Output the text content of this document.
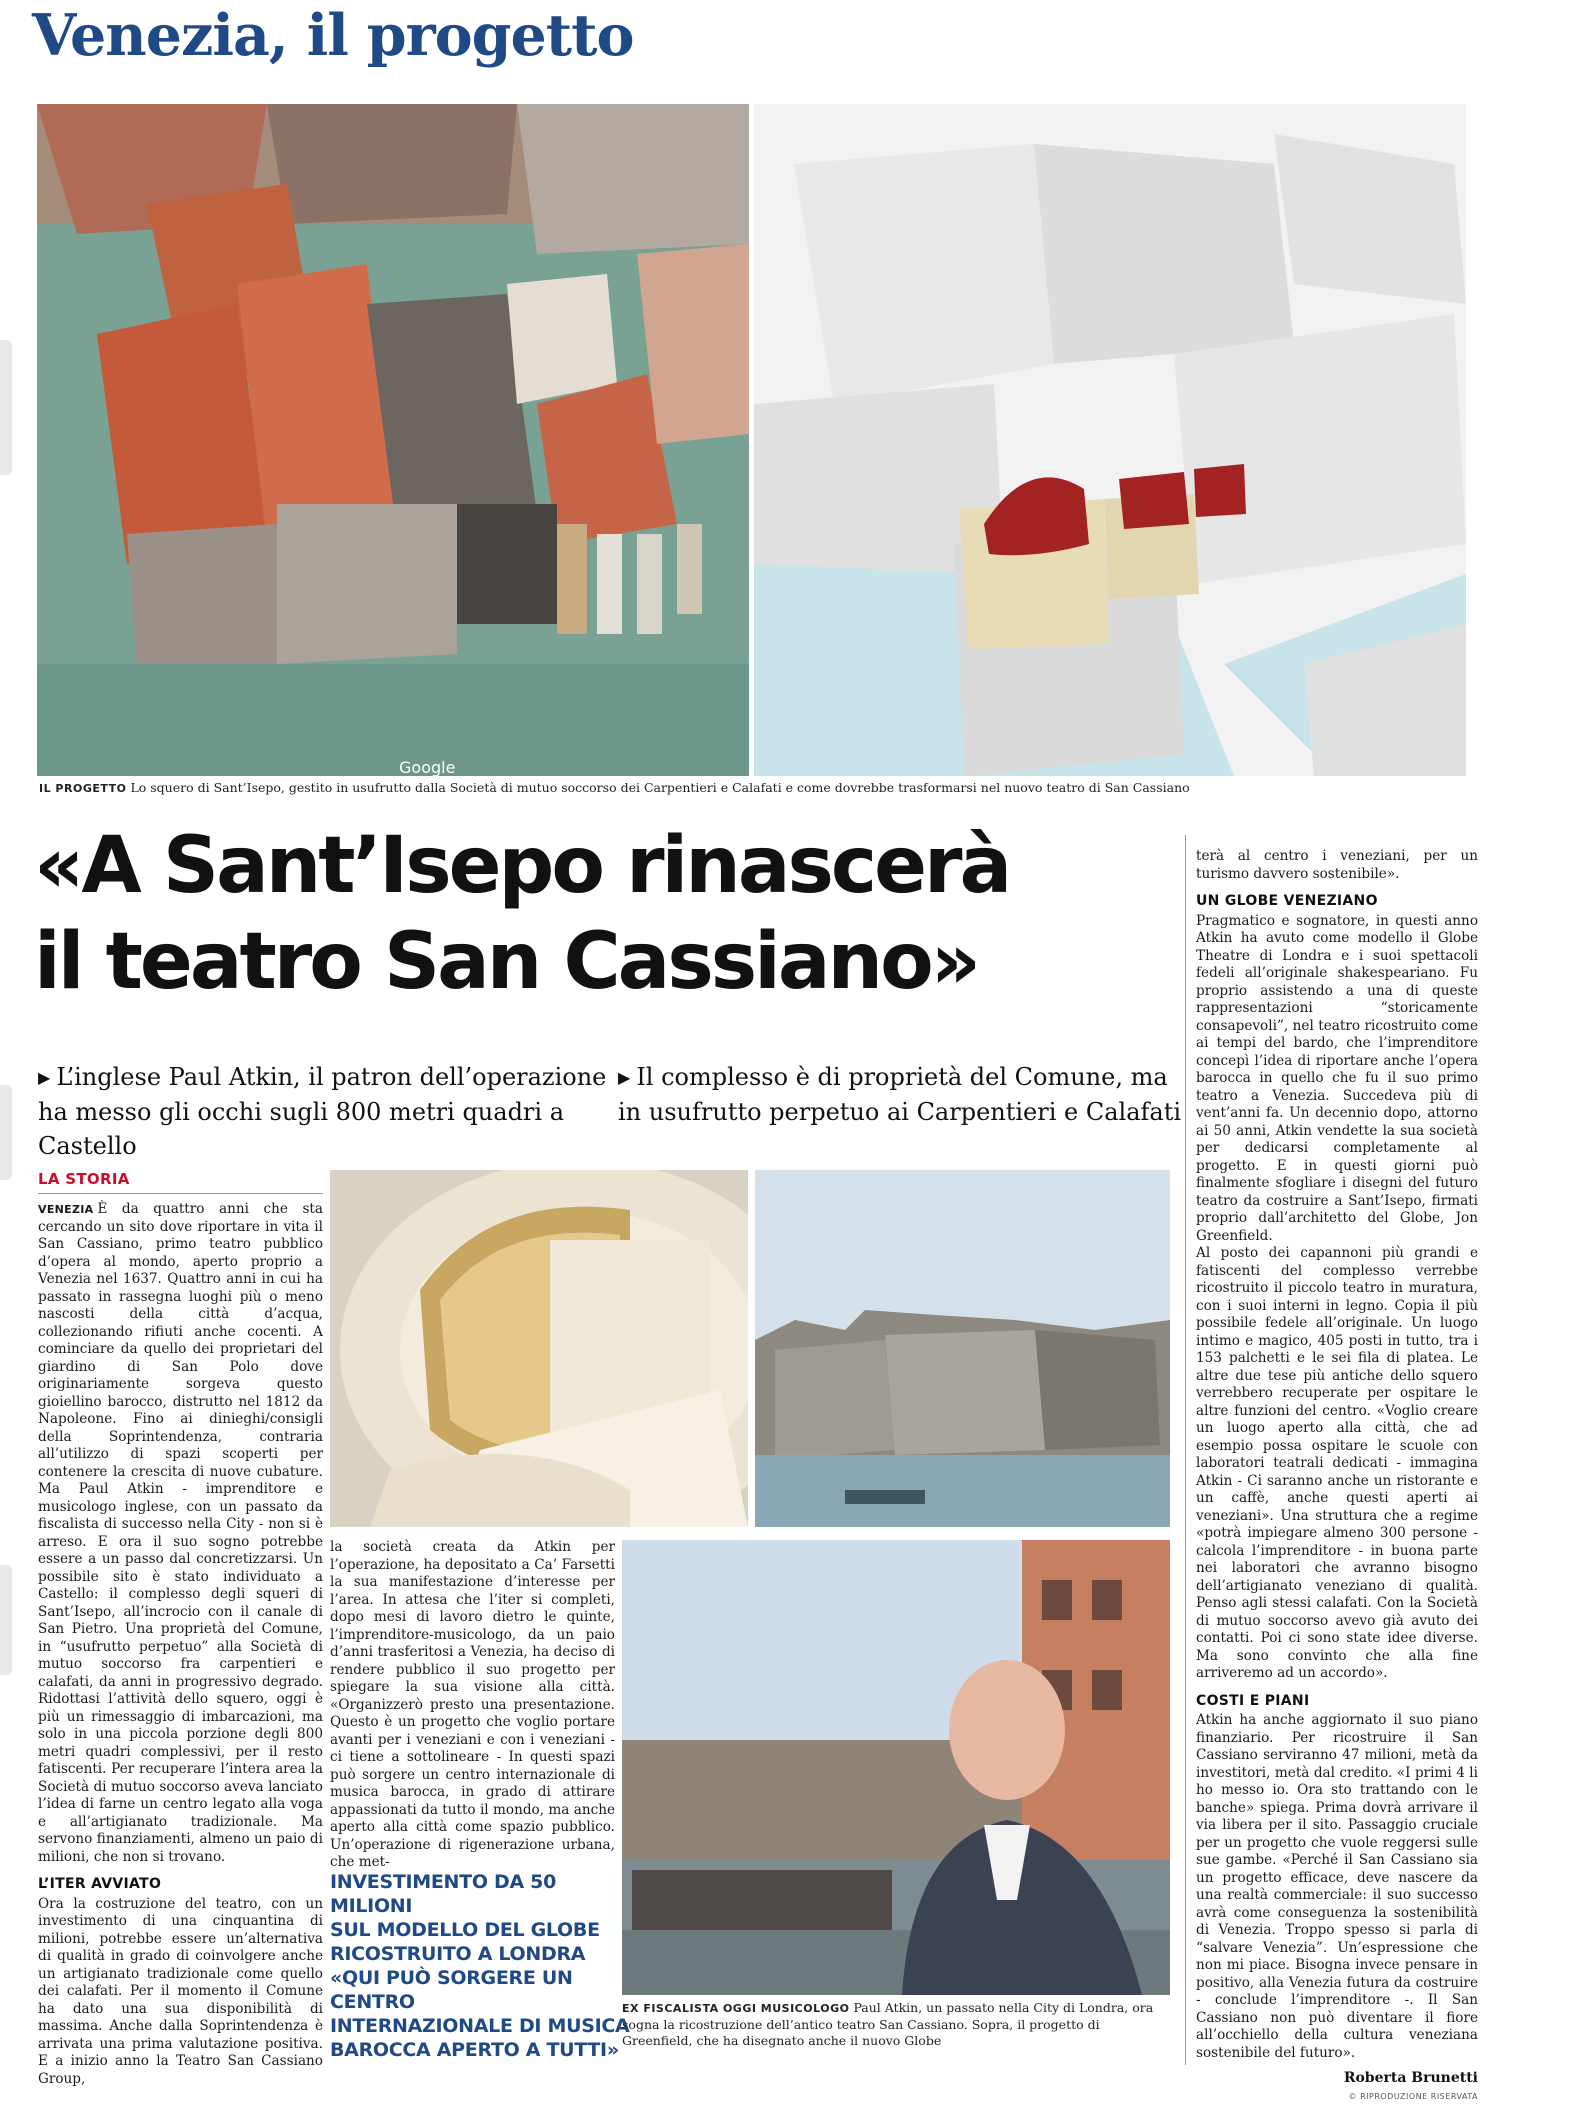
Venezia, il progetto
Google
IL PROGETTO Lo squero di Sant’Isepo, gestito in usufrutto dalla Società di mutuo soccorso dei Carpentieri e Calafati e come dovrebbe trasformarsi nel nuovo teatro di San Cassiano
«A Sant’Isepo rinascerà
il teatro San Cassiano»
▶ L’inglese Paul Atkin, il patron dell’operazione
ha messo gli occhi sugli 800 metri quadri a Castello
▶ Il complesso è di proprietà del Comune, ma
in usufrutto perpetuo ai Carpentieri e Calafati
LA STORIA

VENEZIA È da quattro anni che sta cercando un sito dove riportare in vita il San Cassiano, primo teatro pubblico d’opera al mondo, aperto proprio a Venezia nel 1637. Quattro anni in cui ha passato in rassegna luoghi più o meno nascosti della città d’acqua, collezionando rifiuti anche cocenti. A cominciare da quello dei proprietari del giardino di San Polo dove originariamente sorgeva questo gioiellino barocco, distrutto nel 1812 da Napoleone. Fino ai dinieghi/consigli della Soprintendenza, contraria all’utilizzo di spazi scoperti per contenere la crescita di nuove cubature. Ma Paul Atkin - imprenditore e musicologo inglese, con un passato da fiscalista di successo nella City - non si è arreso. E ora il suo sogno potrebbe essere a un passo dal concretizzarsi. Un possibile sito è stato individuato a Castello: il complesso degli squeri di Sant’Isepo, all’incrocio con il canale di San Pietro. Una proprietà del Comune, in “usufrutto perpetuo” alla Società di mutuo soccorso fra carpentieri e calafati, da anni in progressivo degrado. Ridottasi l’attività dello squero, oggi è più un rimessaggio di imbarcazioni, ma solo in una piccola porzione degli 800 metri quadri complessivi, per il resto fatiscenti. Per recuperare l’intera area la Società di mutuo soccorso aveva lanciato l’idea di farne un centro legato alla voga e all’artigianato tradizionale. Ma servono finanziamenti, almeno un paio di milioni, che non si trovano.

L’ITER AVVIATO

Ora la costruzione del teatro, con un investimento di una cinquantina di milioni, potrebbe essere un’alternativa di qualità in grado di coinvolgere anche un artigianato tradizionale come quello dei calafati. Per il momento il Comune ha dato una sua disponibilità di massima. Anche dalla Soprintendenza è arrivata una prima valutazione positiva. E a inizio anno la Teatro San Cassiano Group,

la società creata da Atkin per l’operazione, ha depositato a Ca’ Farsetti la sua manifestazione d’interesse per l’area. In attesa che l’iter si completi, dopo mesi di lavoro dietro le quinte, l’imprenditore-musicologo, da un paio d’anni trasferitosi a Venezia, ha deciso di rendere pubblico il suo progetto per spiegare la sua visione alla città. «Organizzerò presto una presentazione. Questo è un progetto che voglio portare avanti per i veneziani e con i veneziani - ci tiene a sottolineare - In questi spazi può sorgere un centro internazionale di musica barocca, in grado di attirare appassionati da tutto il mondo, ma anche aperto alla città come spazio pubblico. Un’operazione di rigenerazione urbana, che met-

INVESTIMENTO DA 50 MILIONI
SUL MODELLO DEL GLOBE
RICOSTRUITO A LONDRA
«QUI PUÒ SORGERE UN CENTRO
INTERNAZIONALE DI MUSICA
BAROCCA APERTO A TUTTI»
EX FISCALISTA OGGI MUSICOLOGO Paul Atkin, un passato nella City di Londra, ora sogna la ricostruzione dell’antico teatro San Cassiano. Sopra, il progetto di Greenfield, che ha disegnato anche il nuovo Globe

terà al centro i veneziani, per un turismo davvero sostenibile».

UN GLOBE VENEZIANO

Pragmatico e sognatore, in questi anno Atkin ha avuto come modello il Globe Theatre di Londra e i suoi spettacoli fedeli all’originale shakespeariano. Fu proprio assistendo a una di queste rappresentazioni “storicamente consapevoli”, nel teatro ricostruito come ai tempi del bardo, che l’imprenditore concepì l’idea di riportare anche l’opera barocca in quello che fu il suo primo teatro a Venezia. Succedeva più di vent’anni fa. Un decennio dopo, attorno ai 50 anni, Atkin vendette la sua società per dedicarsi completamente al progetto. E in questi giorni può finalmente sfogliare i disegni del futuro teatro da costruire a Sant’Isepo, firmati proprio dall’architetto del Globe, Jon Greenfield.

Al posto dei capannoni più grandi e fatiscenti del complesso verrebbe ricostruito il piccolo teatro in muratura, con i suoi interni in legno. Copia il più possibile fedele all’originale. Un luogo intimo e magico, 405 posti in tutto, tra i 153 palchetti e le sei fila di platea. Le altre due tese più antiche dello squero verrebbero recuperate per ospitare le altre funzioni del centro. «Voglio creare un luogo aperto alla città, che ad esempio possa ospitare le scuole con laboratori teatrali dedicati - immagina Atkin - Ci saranno anche un ristorante e un caffè, anche questi aperti ai veneziani». Una struttura che a regime «potrà impiegare almeno 300 persone - calcola l’imprenditore - in buona parte nei laboratori che avranno bisogno dell’artigianato veneziano di qualità. Penso agli stessi calafati. Con la Società di mutuo soccorso avevo già avuto dei contatti. Poi ci sono state idee diverse. Ma sono convinto che alla fine arriveremo ad un accordo».

COSTI E PIANI

Atkin ha anche aggiornato il suo piano finanziario. Per ricostruire il San Cassiano serviranno 47 milioni, metà da investitori, metà dal credito. «I primi 4 li ho messo io. Ora sto trattando con le banche» spiega. Prima dovrà arrivare il via libera per il sito. Passaggio cruciale per un progetto che vuole reggersi sulle sue gambe. «Perché il San Cassiano sia un progetto efficace, deve nascere da una realtà commerciale: il suo successo avrà come conseguenza la sostenibilità di Venezia. Troppo spesso si parla di “salvare Venezia”. Un’espressione che non mi piace. Bisogna invece pensare in positivo, alla Venezia futura da costruire - conclude l’imprenditore -. Il San Cassiano non può diventare il fiore all’occhiello della cultura veneziana sostenibile del futuro».

Roberta Brunetti
© RIPRODUZIONE RISERVATA
